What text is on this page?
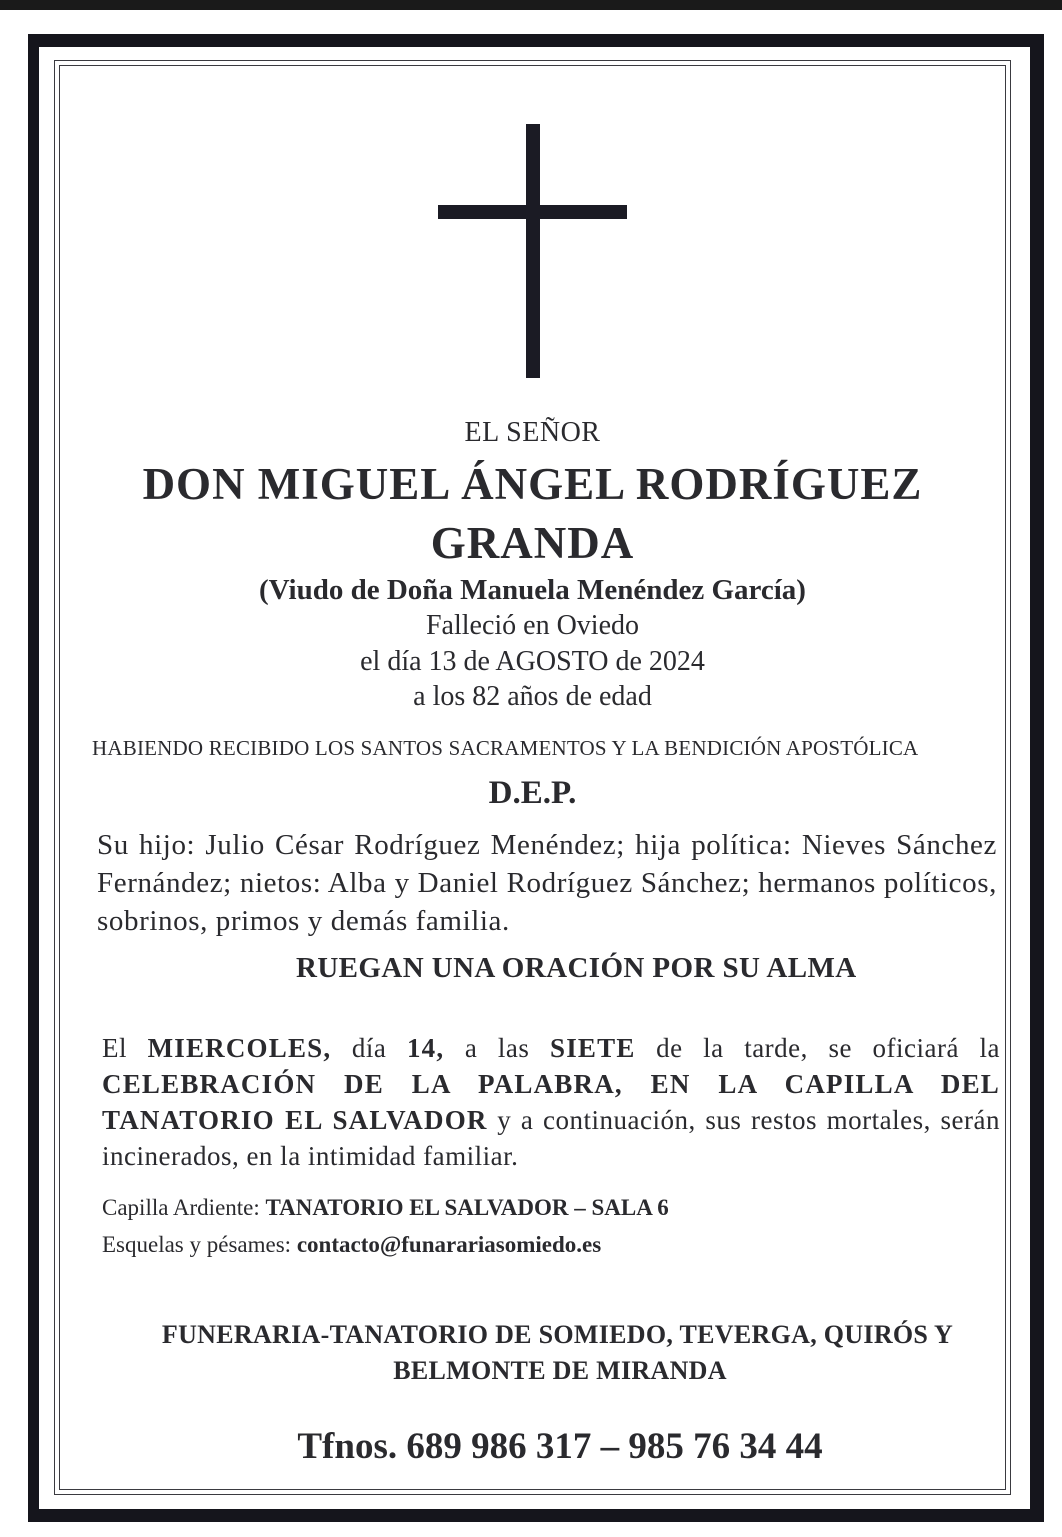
EL SEÑOR
DON MIGUEL ÁNGEL RODRÍGUEZ
GRANDA
(Viudo de Doña Manuela Menéndez García)
Falleció en Oviedo
el día 13 de AGOSTO de 2024
a los 82 años de edad
HABIENDO RECIBIDO LOS SANTOS SACRAMENTOS Y LA BENDICIÓN APOSTÓLICA
D.E.P.
Su hijo: Julio César Rodríguez Menéndez; hija política: Nieves Sánchez Fernández; nietos: Alba y Daniel Rodríguez Sánchez; hermanos políticos, sobrinos, primos y demás familia.
RUEGAN UNA ORACIÓN POR SU ALMA
El MIERCOLES, día 14, a las SIETE de la tarde, se oficiará la CELEBRACIÓN DE LA PALABRA, EN LA CAPILLA DEL TANATORIO EL SALVADOR y a continuación, sus restos mortales, serán incinerados, en la intimidad familiar.
Capilla Ardiente: TANATORIO EL SALVADOR – SALA 6
Esquelas y pésames: contacto@funarariasomiedo.es
FUNERARIA-TANATORIO DE SOMIEDO, TEVERGA, QUIRÓS Y
BELMONTE DE MIRANDA
Tfnos. 689 986 317 – 985 76 34 44
